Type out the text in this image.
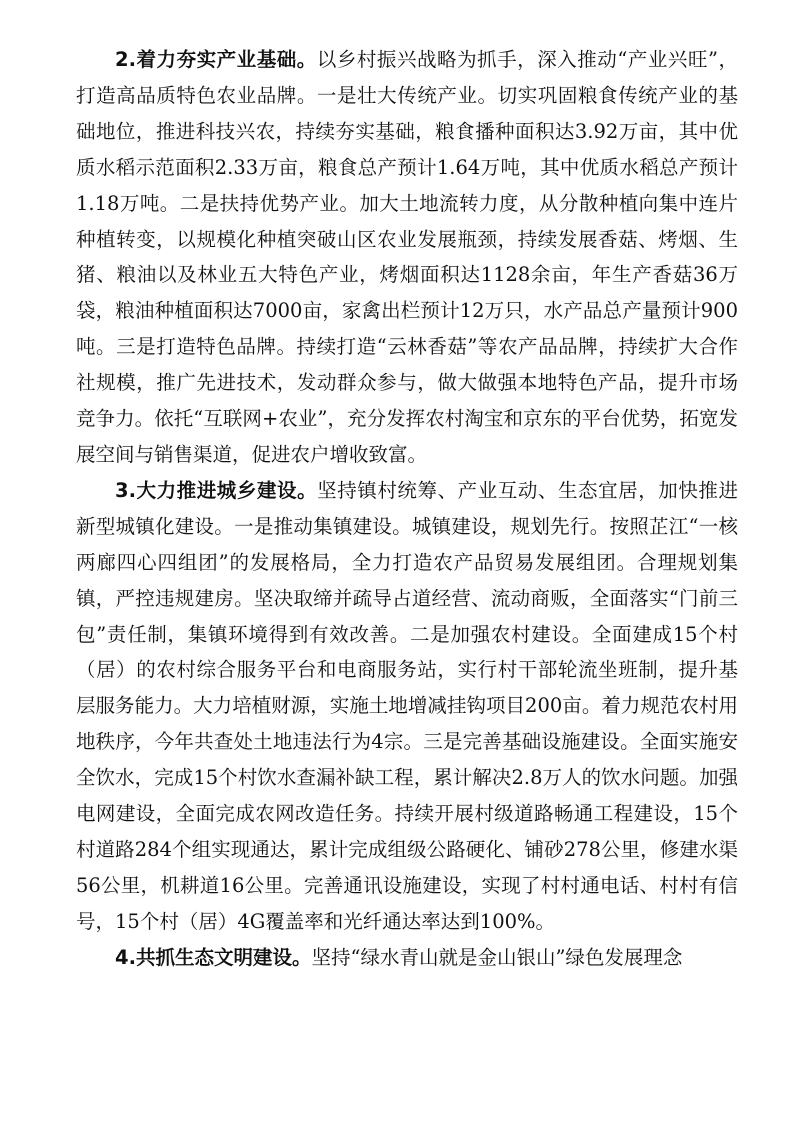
2.着力夯实产业基础。以乡村振兴战略为抓手，深入推动“产业兴旺”，打造高品质特色农业品牌。一是壮大传统产业。切实巩固粮食传统产业的基础地位，推进科技兴农，持续夯实基础，粮食播种面积达3.92万亩，其中优质水稻示范面积2.33万亩，粮食总产预计1.64万吨，其中优质水稻总产预计1.18万吨。二是扶持优势产业。加大土地流转力度，从分散种植向集中连片种植转变，以规模化种植突破山区农业发展瓶颈，持续发展香菇、烤烟、生猪、粮油以及林业五大特色产业，烤烟面积达1128余亩，年生产香菇36万袋，粮油种植面积达7000亩，家禽出栏预计12万只，水产品总产量预计900吨。三是打造特色品牌。持续打造“云林香菇”等农产品品牌，持续扩大合作社规模，推广先进技术，发动群众参与，做大做强本地特色产品，提升市场竞争力。依托“互联网+农业”，充分发挥农村淘宝和京东的平台优势，拓宽发展空间与销售渠道，促进农户增收致富。

3.大力推进城乡建设。坚持镇村统筹、产业互动、生态宜居，加快推进新型城镇化建设。一是推动集镇建设。城镇建设，规划先行。按照芷江“一核两廊四心四组团”的发展格局，全力打造农产品贸易发展组团。合理规划集镇，严控违规建房。坚决取缔并疏导占道经营、流动商贩，全面落实“门前三包”责任制，集镇环境得到有效改善。二是加强农村建设。全面建成15个村（居）的农村综合服务平台和电商服务站，实行村干部轮流坐班制，提升基层服务能力。大力培植财源，实施土地增减挂钩项目200亩。着力规范农村用地秩序，今年共查处土地违法行为4宗。三是完善基础设施建设。全面实施安全饮水，完成15个村饮水查漏补缺工程，累计解决2.8万人的饮水问题。加强电网建设，全面完成农网改造任务。持续开展村级道路畅通工程建设，15个村道路284个组实现通达，累计完成组级公路硬化、铺砂278公里，修建水渠56公里，机耕道16公里。完善通讯设施建设，实现了村村通电话、村村有信号，15个村（居）4G覆盖率和光纤通达率达到100%。

4.共抓生态文明建设。坚持“绿水青山就是金山银山”绿色发展理念
